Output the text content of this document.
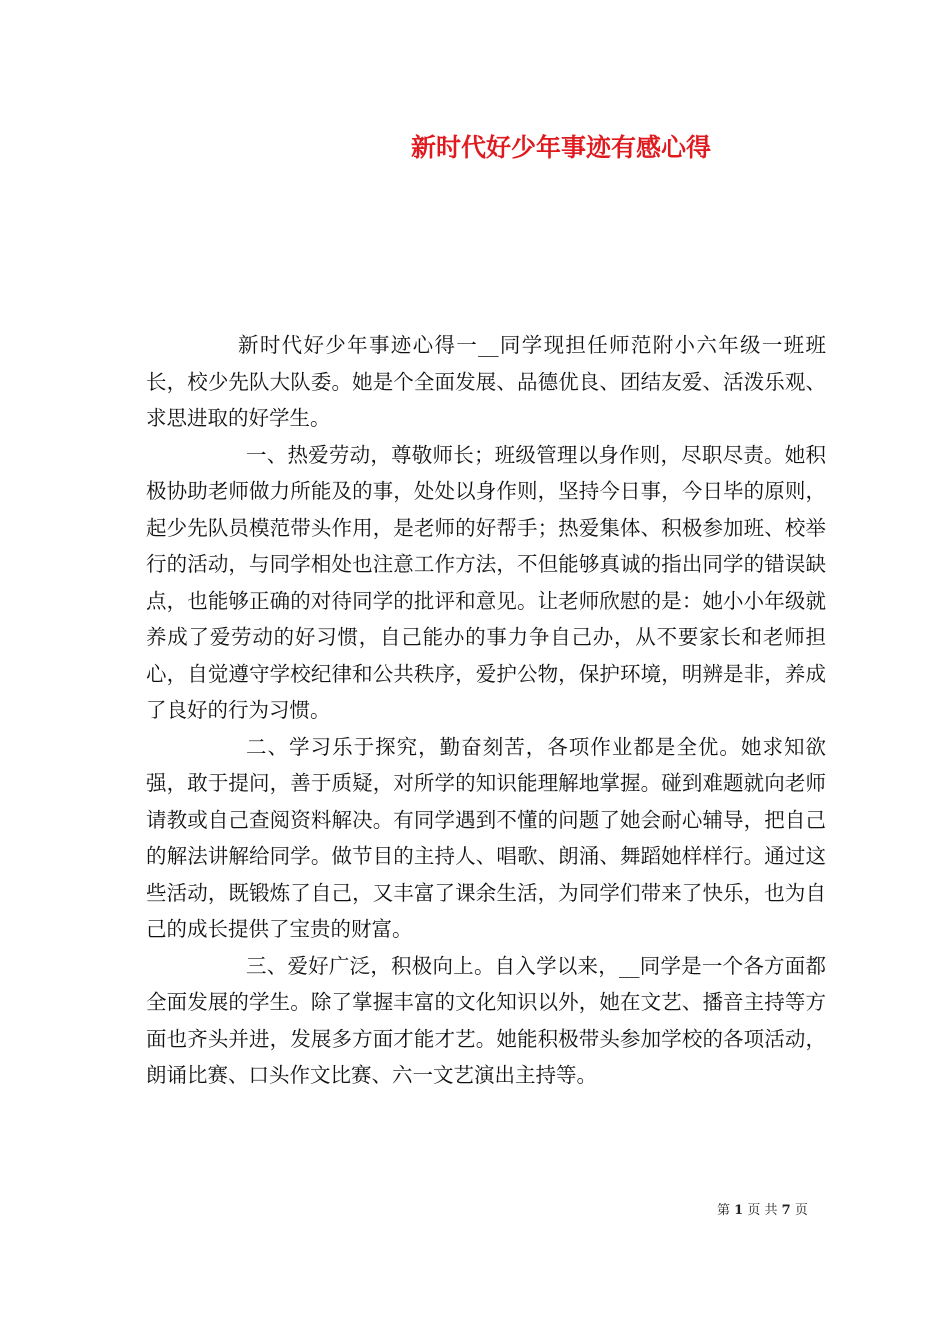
新时代好少年事迹有感心得

新时代好少年事迹心得一__同学现担任师范附小六年级一班班长，校少先队大队委。她是个全面发展、品德优良、团结友爱、活泼乐观、求思进取的好学生。

一、热爱劳动，尊敬师长；班级管理以身作则，尽职尽责。她积极协助老师做力所能及的事，处处以身作则，坚持今日事，今日毕的原则，起少先队员模范带头作用，是老师的好帮手；热爱集体、积极参加班、校举行的活动，与同学相处也注意工作方法，不但能够真诚的指出同学的错误缺点，也能够正确的对待同学的批评和意见。让老师欣慰的是：她小小年级就养成了爱劳动的好习惯，自己能办的事力争自己办，从不要家长和老师担心，自觉遵守学校纪律和公共秩序，爱护公物，保护环境，明辨是非，养成了良好的行为习惯。

二、学习乐于探究，勤奋刻苦，各项作业都是全优。她求知欲强，敢于提问，善于质疑，对所学的知识能理解地掌握。碰到难题就向老师请教或自己查阅资料解决。有同学遇到不懂的问题了她会耐心辅导，把自己的解法讲解给同学。做节目的主持人、唱歌、朗涌、舞蹈她样样行。通过这些活动，既锻炼了自己，又丰富了课余生活，为同学们带来了快乐，也为自己的成长提供了宝贵的财富。

三、爱好广泛，积极向上。自入学以来，__同学是一个各方面都全面发展的学生。除了掌握丰富的文化知识以外，她在文艺、播音主持等方面也齐头并进，发展多方面才能才艺。她能积极带头参加学校的各项活动，朗诵比赛、口头作文比赛、六一文艺演出主持等。

第 1 页 共 7 页
